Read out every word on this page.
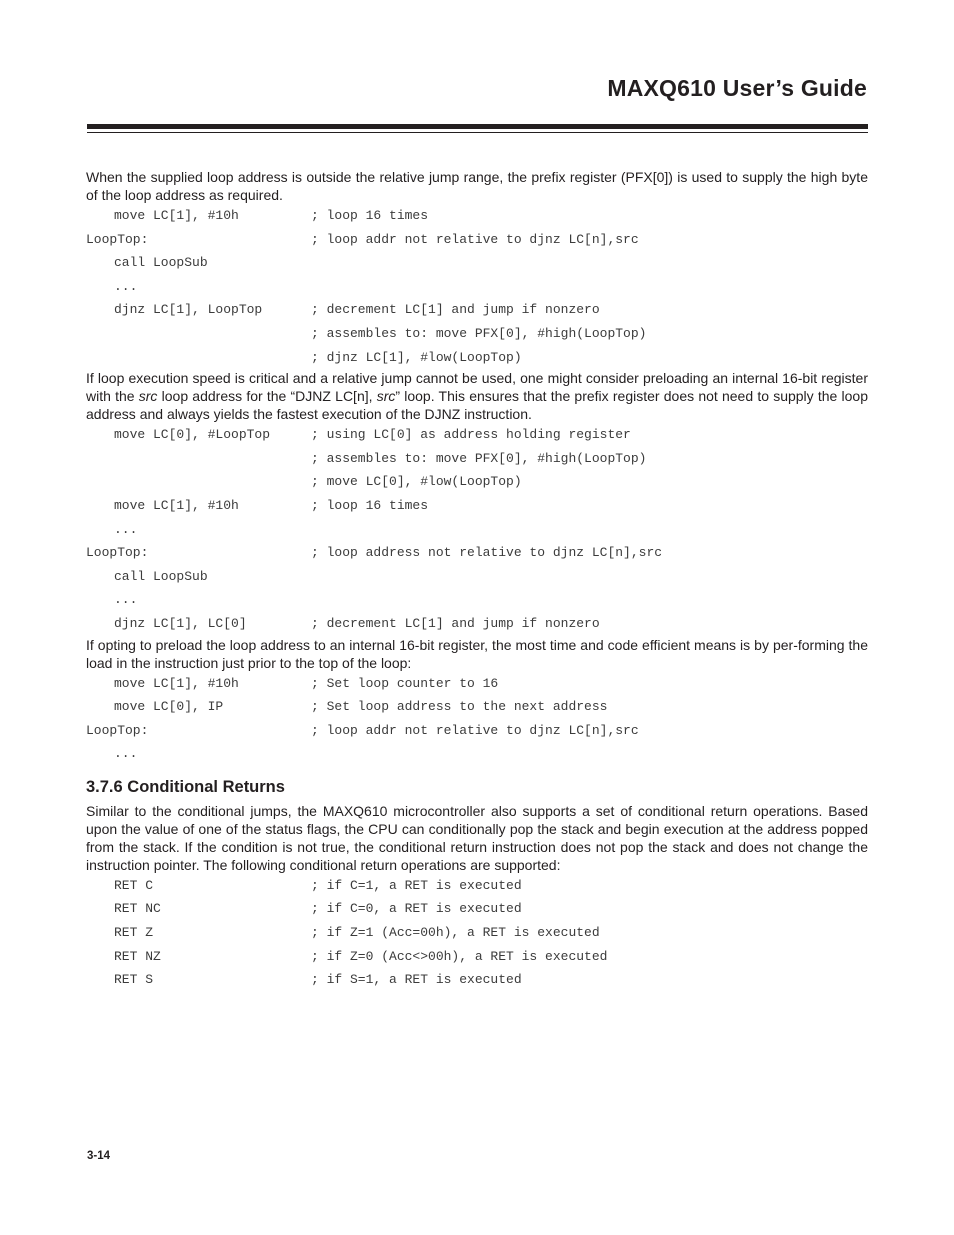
MAXQ610 User’s Guide

When the supplied loop address is outside the relative jump range, the prefix register (PFX[0]) is used to supply the high byte of the loop address as required.

move LC[1], #10h	; loop 16 times
LoopTop:	; loop addr not relative to djnz LC[n],src
call LoopSub
...
djnz LC[1], LoopTop	; decrement LC[1] and jump if nonzero
; assembles to: move PFX[0], #high(LoopTop)
; djnz LC[1], #low(LoopTop)

If loop execution speed is critical and a relative jump cannot be used, one might consider preloading an internal 16-bit register with the src loop address for the “DJNZ LC[n], src” loop. This ensures that the prefix register does not need to supply the loop address and always yields the fastest execution of the DJNZ instruction.

move LC[0], #LoopTop	; using LC[0] as address holding register
; assembles to: move PFX[0], #high(LoopTop)
; move LC[0], #low(LoopTop)
move LC[1], #10h	; loop 16 times
...
LoopTop:	; loop address not relative to djnz LC[n],src
call LoopSub
...
djnz LC[1], LC[0]	; decrement LC[1] and jump if nonzero

If opting to preload the loop address to an internal 16-bit register, the most time and code efficient means is by per-forming the load in the instruction just prior to the top of the loop:

move LC[1], #10h	; Set loop counter to 16
move LC[0], IP	; Set loop address to the next address
LoopTop:	; loop addr not relative to djnz LC[n],src
...
3.7.6 Conditional Returns

Similar to the conditional jumps, the MAXQ610 microcontroller also supports a set of conditional return operations. Based upon the value of one of the status flags, the CPU can conditionally pop the stack and begin execution at the address popped from the stack. If the condition is not true, the conditional return instruction does not pop the stack and does not change the instruction pointer. The following conditional return operations are supported:

RET C	; if C=1, a RET is executed
RET NC	; if C=0, a RET is executed
RET Z	; if Z=1 (Acc=00h), a RET is executed
RET NZ	; if Z=0 (Acc<>00h), a RET is executed
RET S	; if S=1, a RET is executed
3-14
